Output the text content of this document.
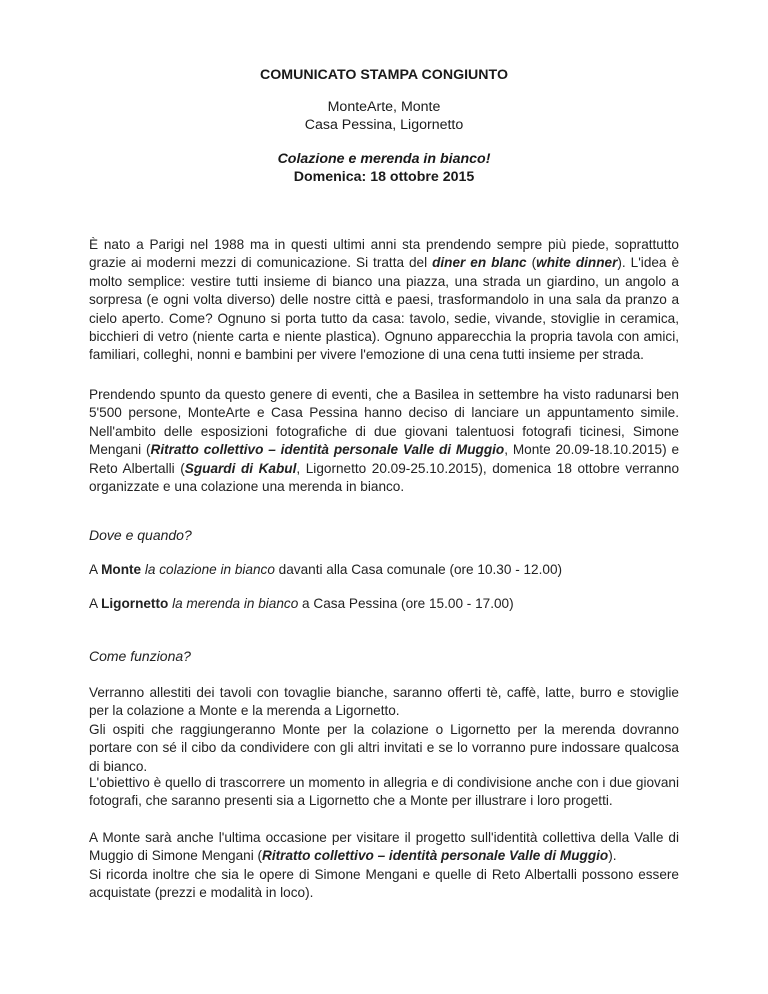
COMUNICATO STAMPA CONGIUNTO
MonteArte, Monte
Casa Pessina, Ligornetto
Colazione e merenda in bianco!
Domenica: 18 ottobre 2015

È nato a Parigi nel 1988 ma in questi ultimi anni sta prendendo sempre più piede, soprattutto grazie ai moderni mezzi di comunicazione. Si tratta del diner en blanc (white dinner). L'idea è molto semplice: vestire tutti insieme di bianco una piazza, una strada un giardino, un angolo a sorpresa (e ogni volta diverso) delle nostre città e paesi, trasformandolo in una sala da pranzo a cielo aperto. Come? Ognuno si porta tutto da casa: tavolo, sedie, vivande, stoviglie in ceramica, bicchieri di vetro (niente carta e niente plastica). Ognuno apparecchia la propria tavola con amici, familiari, colleghi, nonni e bambini per vivere l'emozione di una cena tutti insieme per strada.

Prendendo spunto da questo genere di eventi, che a Basilea in settembre ha visto radunarsi ben 5'500 persone, MonteArte e Casa Pessina hanno deciso di lanciare un appuntamento simile. Nell'ambito delle esposizioni fotografiche di due giovani talentuosi fotografi ticinesi, Simone Mengani (Ritratto collettivo – identità personale Valle di Muggio, Monte 20.09-18.10.2015) e Reto Albertalli (Sguardi di Kabul, Ligornetto 20.09-25.10.2015), domenica 18 ottobre verranno organizzate e una colazione una merenda in bianco.

Dove e quando?
A Monte la colazione in bianco davanti alla Casa comunale (ore 10.30 - 12.00)
A Ligornetto la merenda in bianco a Casa Pessina (ore 15.00 - 17.00)
Come funziona?

Verranno allestiti dei tavoli con tovaglie bianche, saranno offerti tè, caffè, latte, burro e stoviglie per la colazione a Monte e la merenda a Ligornetto.

Gli ospiti che raggiungeranno Monte per la colazione o Ligornetto per la merenda dovranno portare con sé il cibo da condividere con gli altri invitati e se lo vorranno pure indossare qualcosa di bianco.

L'obiettivo è quello di trascorrere un momento in allegria e di condivisione anche con i due giovani fotografi, che saranno presenti sia a Ligornetto che a Monte per illustrare i loro progetti.

A Monte sarà anche l'ultima occasione per visitare il progetto sull'identità collettiva della Valle di Muggio di Simone Mengani (Ritratto collettivo – identità personale Valle di Muggio).

Si ricorda inoltre che sia le opere di Simone Mengani e quelle di Reto Albertalli possono essere acquistate (prezzi e modalità in loco).
